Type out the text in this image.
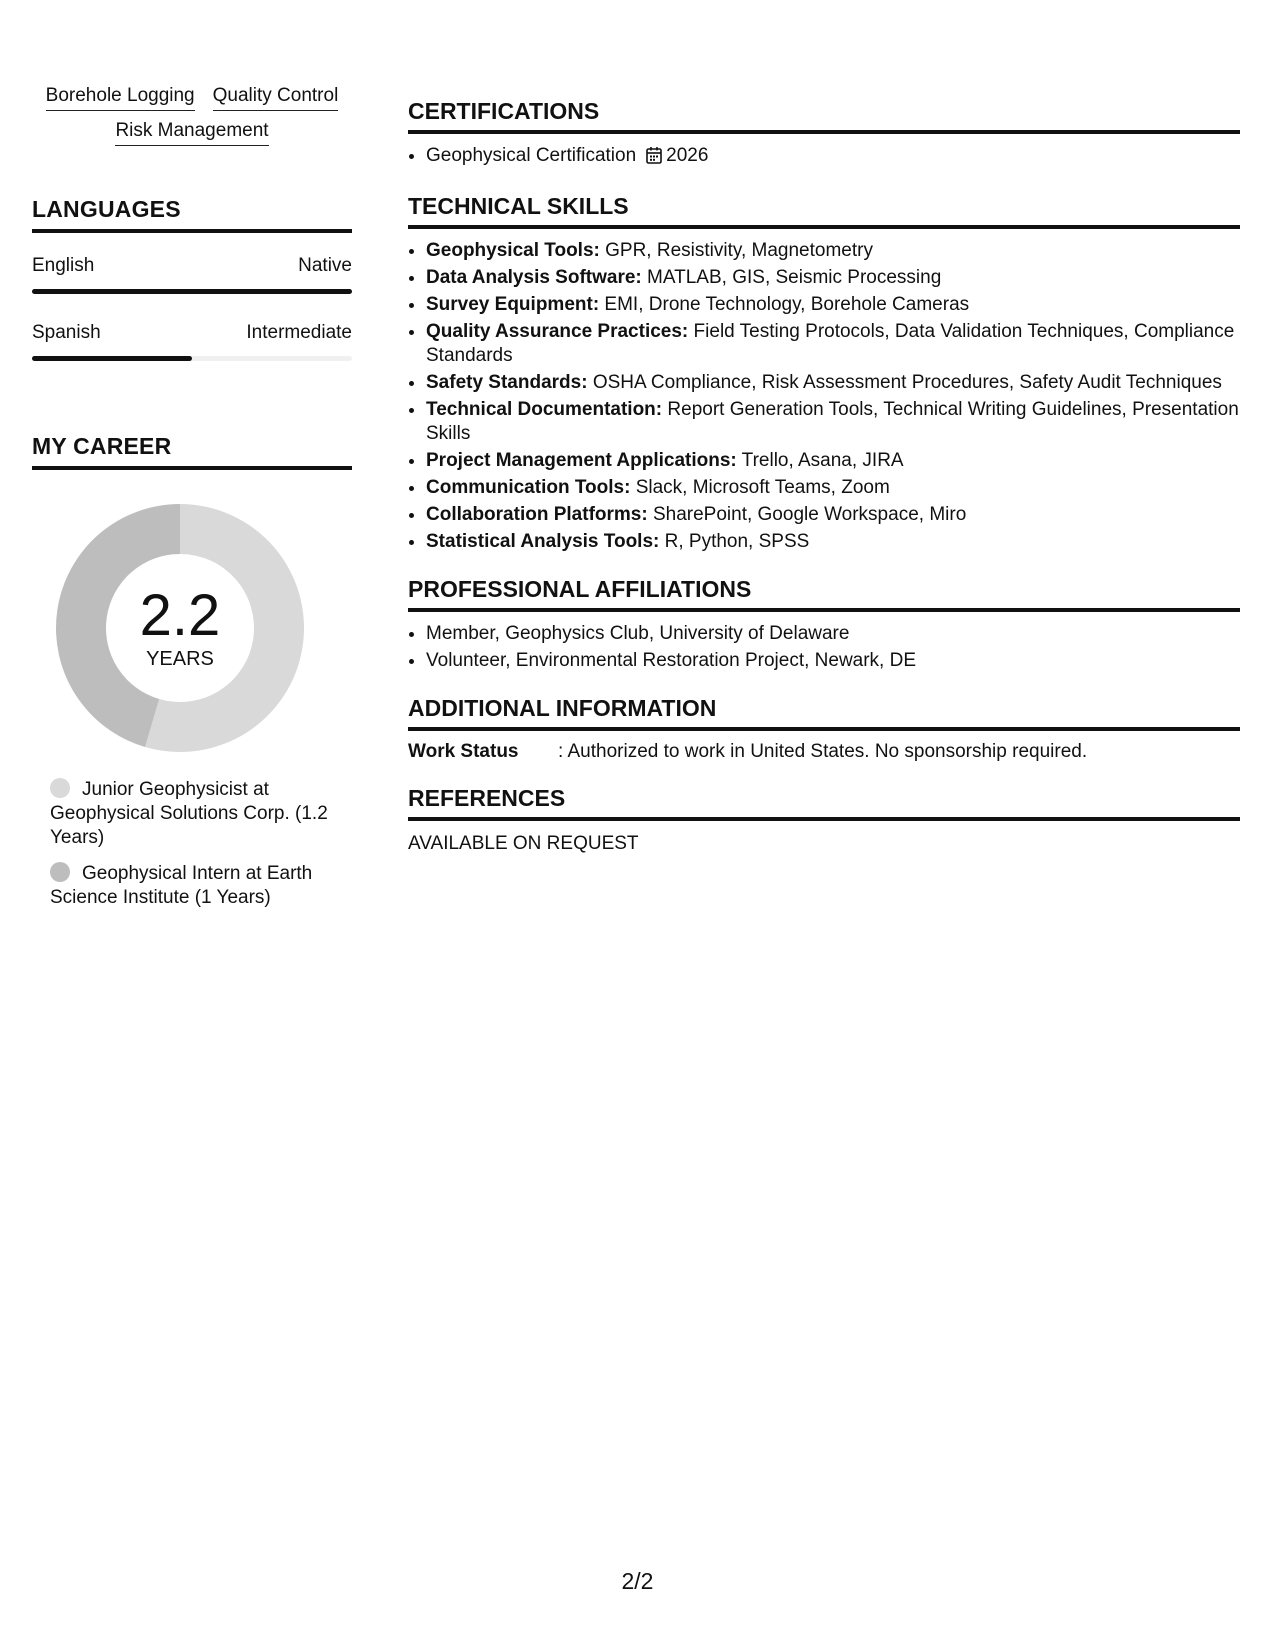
Borehole Logging Quality Control
Risk Management
LANGUAGES
English	Native
Spanish	Intermediate
MY CAREER
2.2
YEARS
Junior Geophysicist at Geophysical Solutions Corp. (1.2 Years)
Geophysical Intern at Earth Science Institute (1 Years)
CERTIFICATIONS
• Geophysical Certification 2026
TECHNICAL SKILLS
• Geophysical Tools: GPR, Resistivity, Magnetometry
• Data Analysis Software: MATLAB, GIS, Seismic Processing
• Survey Equipment: EMI, Drone Technology, Borehole Cameras
• Quality Assurance Practices: Field Testing Protocols, Data Validation Techniques, Compliance Standards
• Safety Standards: OSHA Compliance, Risk Assessment Procedures, Safety Audit Techniques
• Technical Documentation: Report Generation Tools, Technical Writing Guidelines, Presentation Skills
• Project Management Applications: Trello, Asana, JIRA
• Communication Tools: Slack, Microsoft Teams, Zoom
• Collaboration Platforms: SharePoint, Google Workspace, Miro
• Statistical Analysis Tools: R, Python, SPSS
PROFESSIONAL AFFILIATIONS
• Member, Geophysics Club, University of Delaware
• Volunteer, Environmental Restoration Project, Newark, DE
ADDITIONAL INFORMATION
Work Status	: Authorized to work in United States. No sponsorship required.
REFERENCES
AVAILABLE ON REQUEST
2/2
